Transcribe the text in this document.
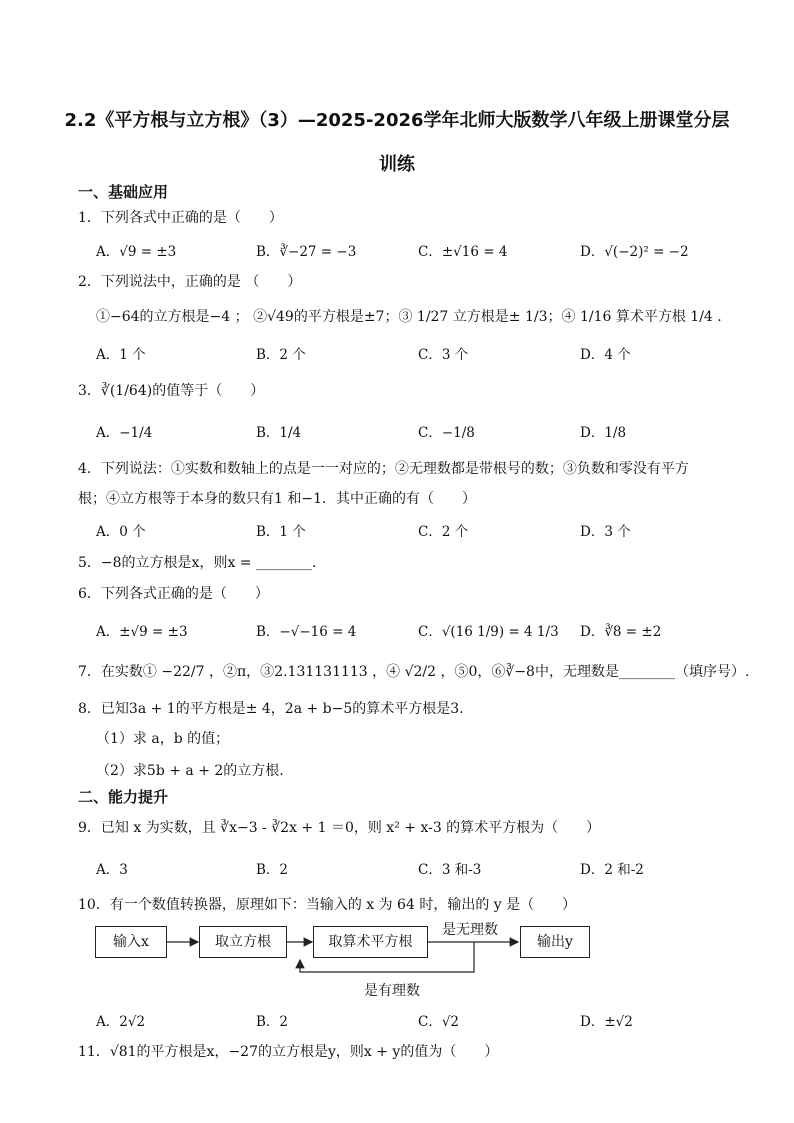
2.2《平方根与立方根》（3）—2025-2026学年北师大版数学八年级上册课堂分层
训练
一、基础应用
1．下列各式中正确的是（　　）
A．√9 = ±3	B．∛−27 = −3	C．±√16 = 4	D．√(−2)² = −2
2．下列说法中，正确的是 （　　）
①−64的立方根是−4 ； ②√49的平方根是±7；③ 1/27 立方根是± 1/3；④ 1/16 算术平方根 1/4 .
A．1 个	B．2 个	C．3 个	D．4 个
3．∛(1/64)的值等于（　　）
A．−1/4	B．1/4	C．−1/8	D．1/8
4．下列说法：①实数和数轴上的点是一一对应的；②无理数都是带根号的数；③负数和零没有平方
根；④立方根等于本身的数只有1 和−1．其中正确的有（　　）
A．0 个	B．1 个	C．2 个	D．3 个
5．−8的立方根是x，则x = ________．
6．下列各式正确的是（　　）
A．±√9 = ±3	B．−√−16 = 4	C．√(16 1/9) = 4 1/3 D．∛8 = ±2
7．在实数① −22/7 ，②π，③2.131131113 ，④ √2/2 ，⑤0，⑥∛−8中，无理数是________（填序号）.
8．已知3a + 1的平方根是± 4，2a + b−5的算术平方根是3.
（1）求 a，b 的值；
（2）求5b + a + 2的立方根.
二、能力提升
9．已知 x 为实数，且 ∛x−3 - ∛2x + 1 ＝0，则 x² + x-3 的算术平方根为（　　）
A．3	B．2	C．3 和-3	D．2 和-2
10．有一个数值转换器，原理如下：当输入的 x 为 64 时，输出的 y 是（　　）
输入x	取立方根	取算术平方根	输出y
是无理数
是有理数
A．2√2	B．2	C．√2	D．±√2
11．√81的平方根是x，−27的立方根是y，则x + y的值为（　　）
